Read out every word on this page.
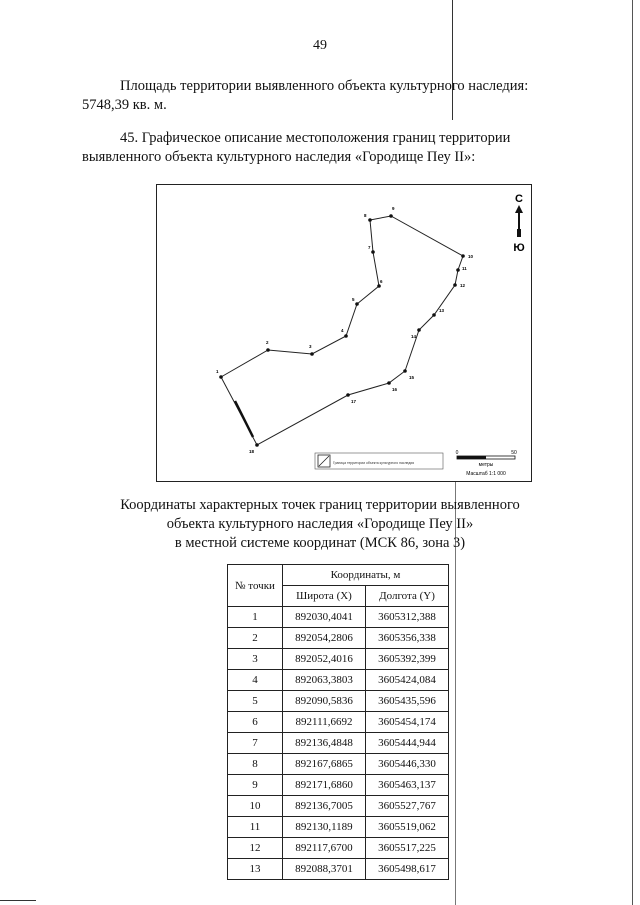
49
Площадь территории выявленного объекта культурного наследия:
5748,39 кв. м.
45. Графическое описание местоположения границ территории
выявленного объекта культурного наследия «Городище Пеу II»:
1
2
3
4
5
6
7
8
9
10
11
12
13
14
15
16
17
18
С
Ю
Граница территории объекта культурного наследия
0	50
метры
Масштаб 1:1 000
Координаты характерных точек границ территории выявленного
объекта культурного наследия «Городище Пеу II»
в местной системе координат (МСК 86, зона 3)
№ точки	Координаты, м	
	Широта (X)	Долгота (Y)
1	892030,4041	3605312,388
2	892054,2806	3605356,338
3	892052,4016	3605392,399
4	892063,3803	3605424,084
5	892090,5836	3605435,596
6	892111,6692	3605454,174
7	892136,4848	3605444,944
8	892167,6865	3605446,330
9	892171,6860	3605463,137
10	892136,7005	3605527,767
11	892130,1189	3605519,062
12	892117,6700	3605517,225
13	892088,3701	3605498,617
